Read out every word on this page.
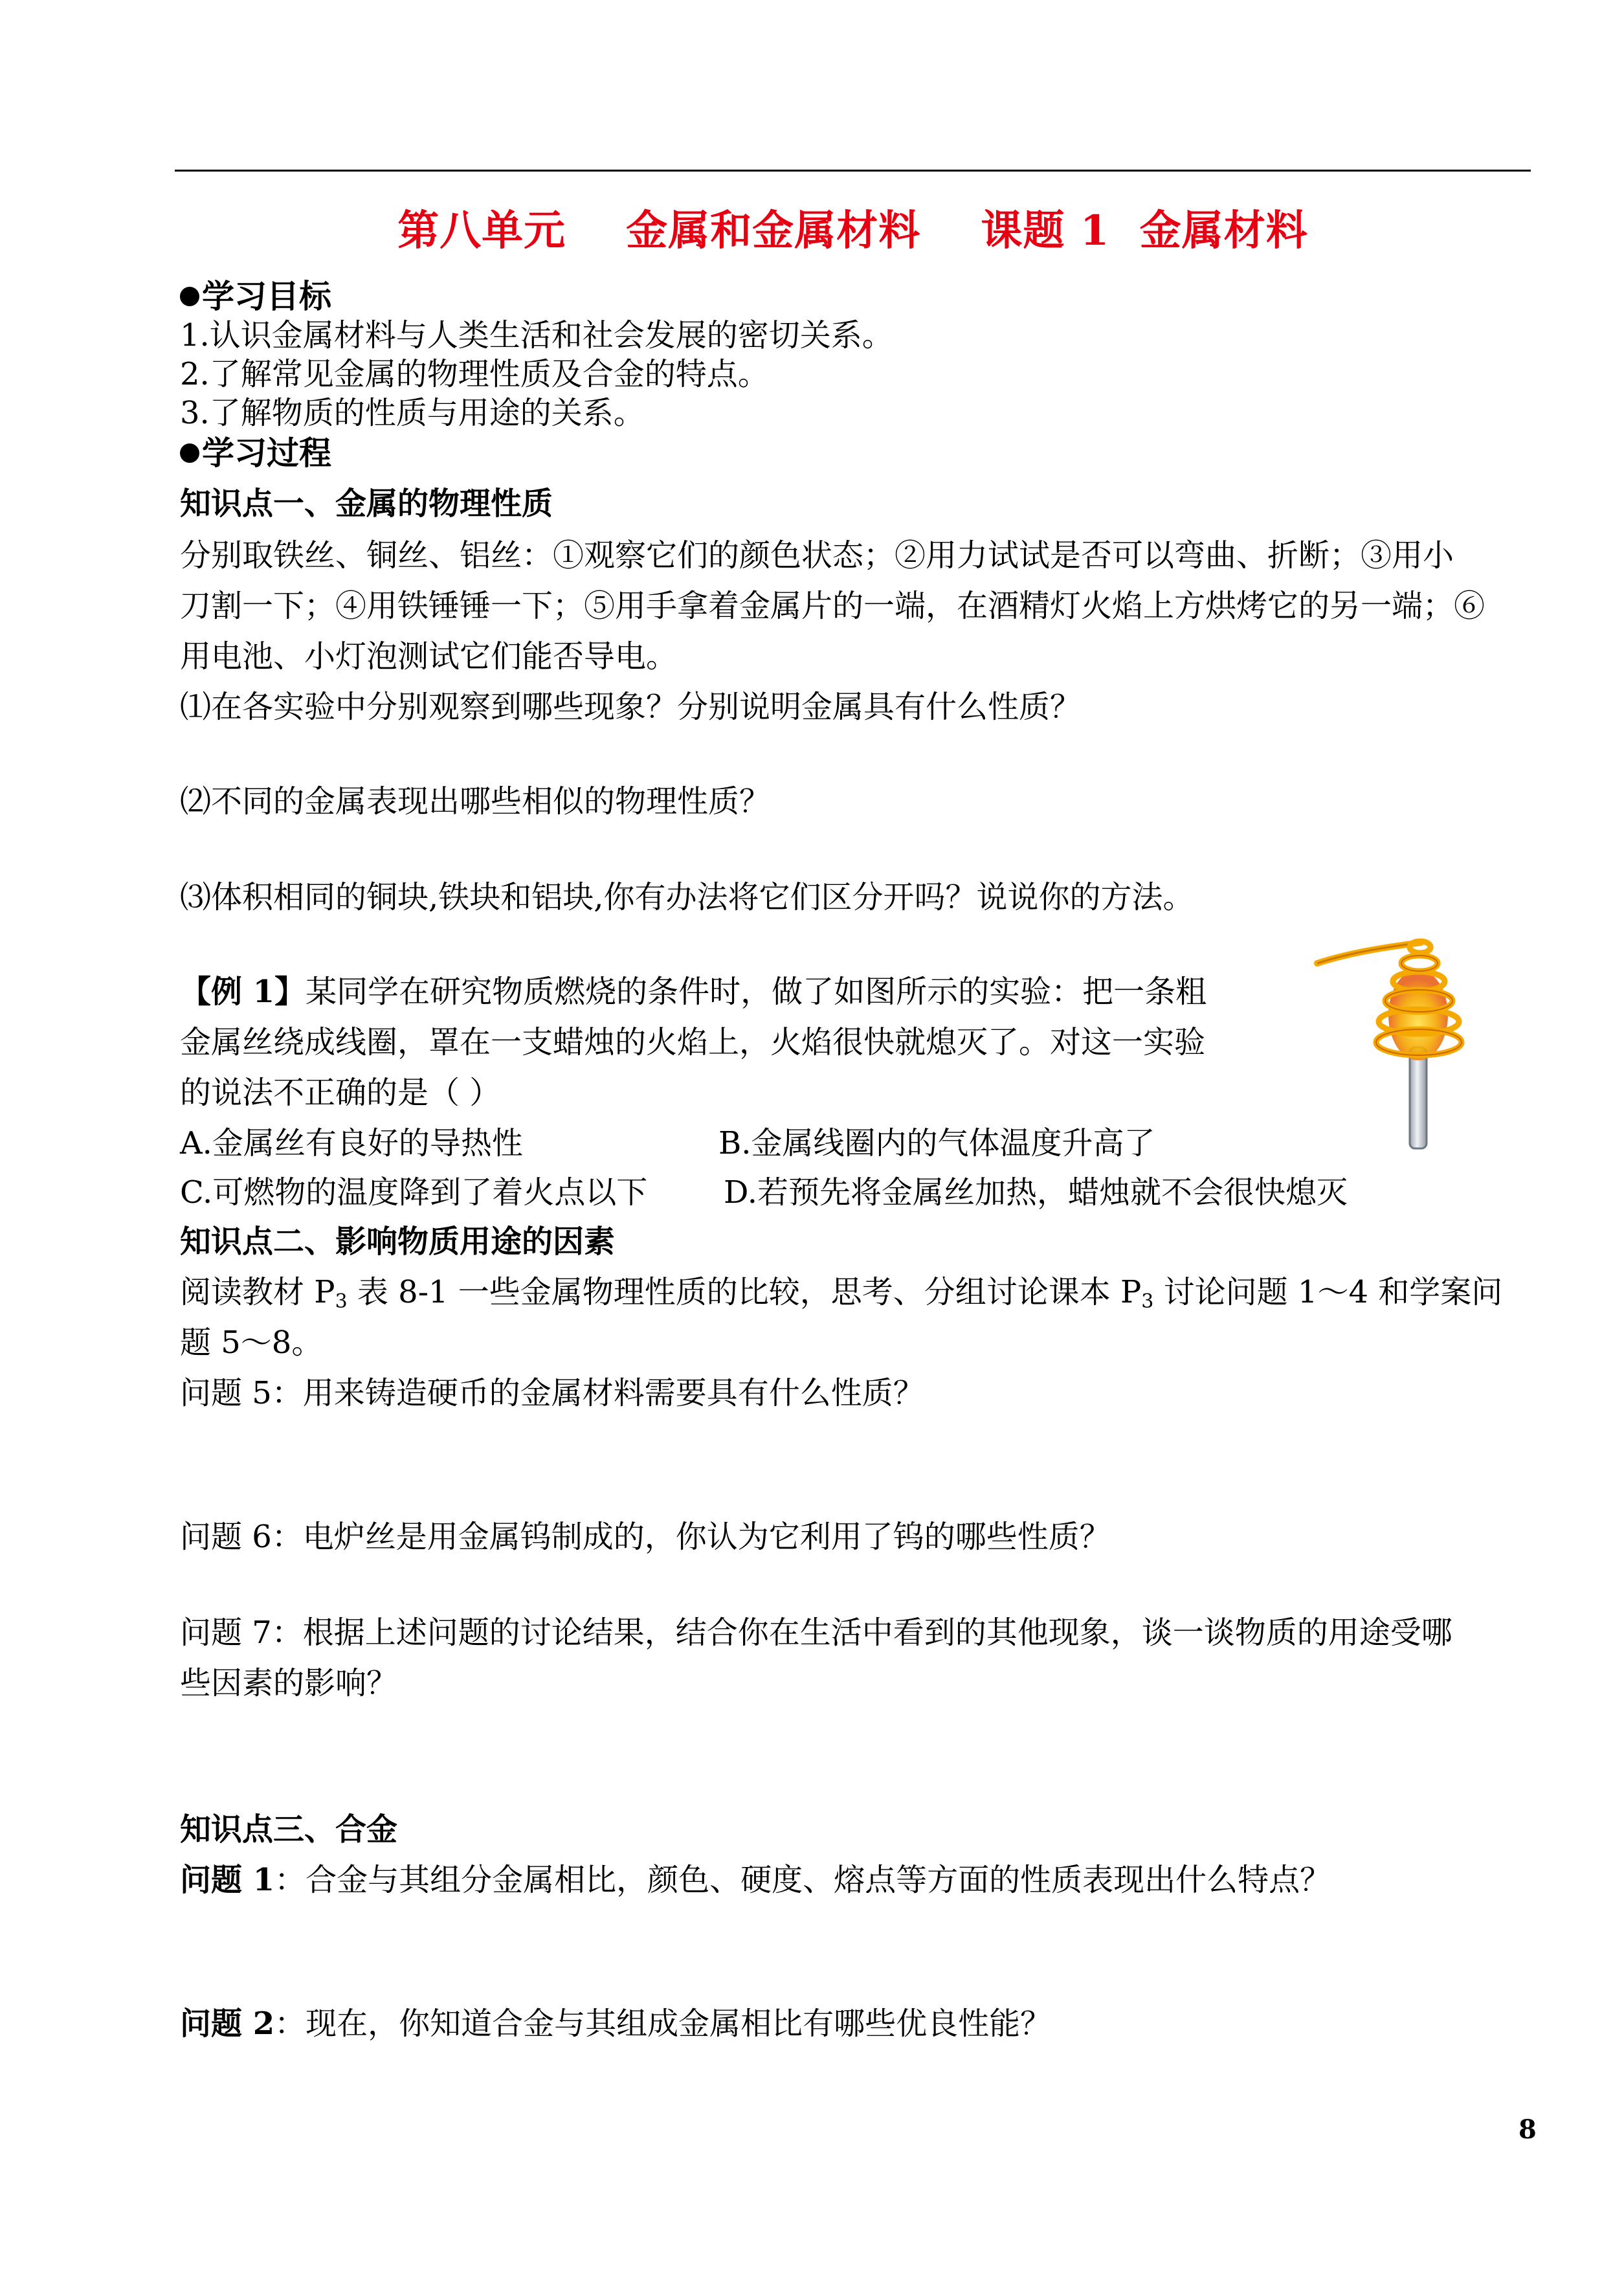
第八单元    金属和金属材料    课题 1  金属材料
学习目标
1.认识金属材料与人类生活和社会发展的密切关系。
2.了解常见金属的物理性质及合金的特点。
3.了解物质的性质与用途的关系。
学习过程
知识点一、金属的物理性质
分别取铁丝、铜丝、铝丝：①观察它们的颜色状态；②用力试试是否可以弯曲、折断；③用小
刀割一下；④用铁锤锤一下；⑤用手拿着金属片的一端，在酒精灯火焰上方烘烤它的另一端；⑥
用电池、小灯泡测试它们能否导电。
⑴在各实验中分别观察到哪些现象？分别说明金属具有什么性质？
⑵不同的金属表现出哪些相似的物理性质？
⑶体积相同的铜块,铁块和铝块,你有办法将它们区分开吗？说说你的方法。
【例 1】某同学在研究物质燃烧的条件时，做了如图所示的实验：把一条粗
金属丝绕成线圈，罩在一支蜡烛的火焰上，火焰很快就熄灭了。对这一实验
的说法不正确的是（ ）
A.金属丝有良好的导热性	B.金属线圈内的气体温度升高了
C.可燃物的温度降到了着火点以下 D.若预先将金属丝加热，蜡烛就不会很快熄灭
知识点二、影响物质用途的因素
阅读教材 $P_3$ 表 8-1 一些金属物理性质的比较，思考、分组讨论课本 $P_3$ 讨论问题 1～4 和学案问
题 5～8。
问题 5：用来铸造硬币的金属材料需要具有什么性质？
问题 6：电炉丝是用金属钨制成的，你认为它利用了钨的哪些性质？
问题 7：根据上述问题的讨论结果，结合你在生活中看到的其他现象，谈一谈物质的用途受哪
些因素的影响？
知识点三、合金
问题 1：合金与其组分金属相比，颜色、硬度、熔点等方面的性质表现出什么特点？
问题 2：现在，你知道合金与其组成金属相比有哪些优良性能？
8
